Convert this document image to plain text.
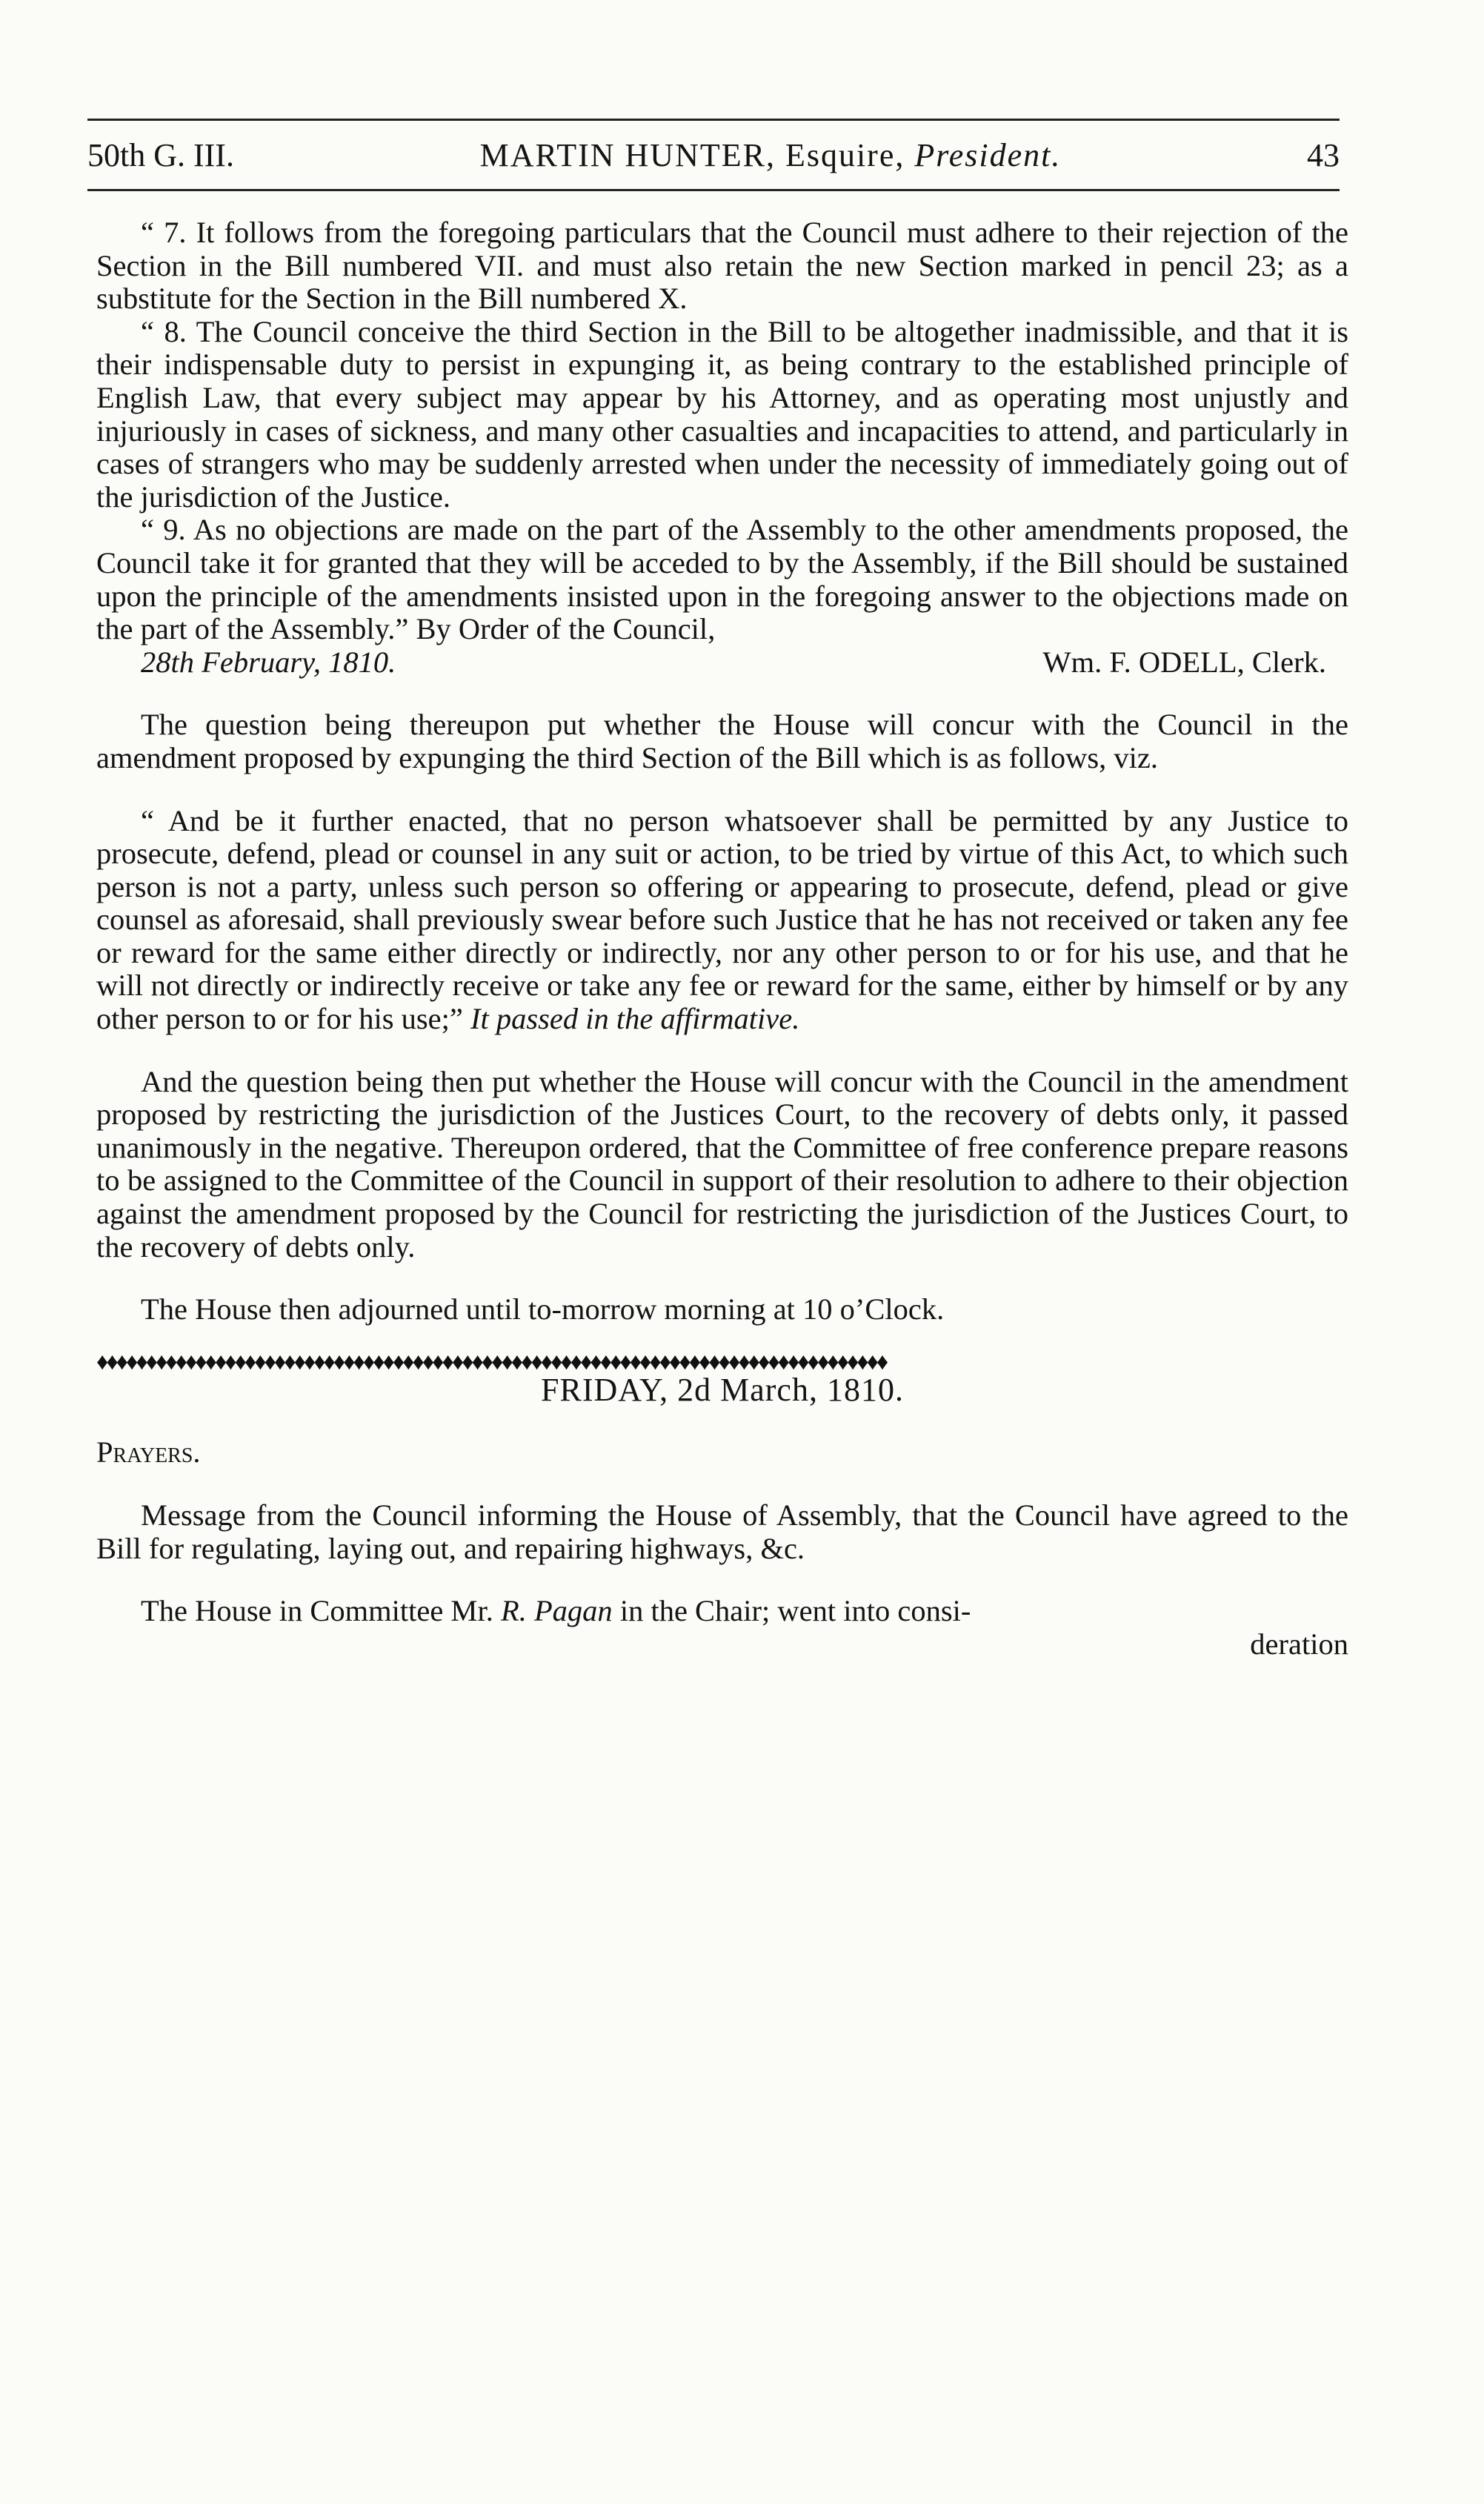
50th G. III.	MARTIN HUNTER, Esquire, President.	43

“ 7. It follows from the foregoing particulars that the Council must adhere to their rejection of the Section in the Bill numbered VII. and must also retain the new Section marked in pencil 23; as a substitute for the Section in the Bill numbered X.

“ 8. The Council conceive the third Section in the Bill to be altogether inadmissible, and that it is their indispensable duty to persist in expunging it, as being contrary to the established principle of English Law, that every subject may appear by his Attorney, and as operating most unjustly and injuriously in cases of sickness, and many other casualties and incapacities to attend, and particularly in cases of strangers who may be suddenly arrested when under the necessity of immediately going out of the jurisdiction of the Justice.

“ 9. As no objections are made on the part of the Assembly to the other amendments proposed, the Council take it for granted that they will be acceded to by the Assembly, if the Bill should be sustained upon the principle of the amendments insisted upon in the foregoing answer to the objections made on the part of the Assembly.” By Order of the Council,

28th February, 1810.	Wm. F. ODELL, Clerk.

The question being thereupon put whether the House will concur with the Council in the amendment proposed by expunging the third Section of the Bill which is as follows, viz.

“ And be it further enacted, that no person whatsoever shall be permitted by any Justice to prosecute, defend, plead or counsel in any suit or action, to be tried by virtue of this Act, to which such person is not a party, unless such person so offering or appearing to prosecute, defend, plead or give counsel as aforesaid, shall previously swear before such Justice that he has not received or taken any fee or reward for the same either directly or indirectly, nor any other person to or for his use, and that he will not directly or indirectly receive or take any fee or reward for the same, either by himself or by any other person to or for his use;” It passed in the affirmative.

And the question being then put whether the House will concur with the Council in the amendment proposed by restricting the jurisdiction of the Justices Court, to the recovery of debts only, it passed unanimously in the negative. Thereupon ordered, that the Committee of free conference prepare reasons to be assigned to the Committee of the Council in support of their resolution to adhere to their objection against the amendment proposed by the Council for restricting the jurisdiction of the Justices Court, to the recovery of debts only.

The House then adjourned until to-morrow morning at 10 o’Clock.

♦♦♦♦♦♦♦♦♦♦♦♦♦♦♦♦♦♦♦♦♦♦♦♦♦♦♦♦♦♦♦♦♦♦♦♦♦♦♦♦♦♦♦♦♦♦♦♦♦♦♦♦♦♦♦♦♦♦♦♦♦♦♦♦♦♦♦♦♦♦♦♦♦♦♦♦♦♦♦♦

FRIDAY, 2d March, 1810.

Prayers.

Message from the Council informing the House of Assembly, that the Council have agreed to the Bill for regulating, laying out, and repairing highways, &c.

The House in Committee Mr. R. Pagan in the Chair; went into consi-

deration
